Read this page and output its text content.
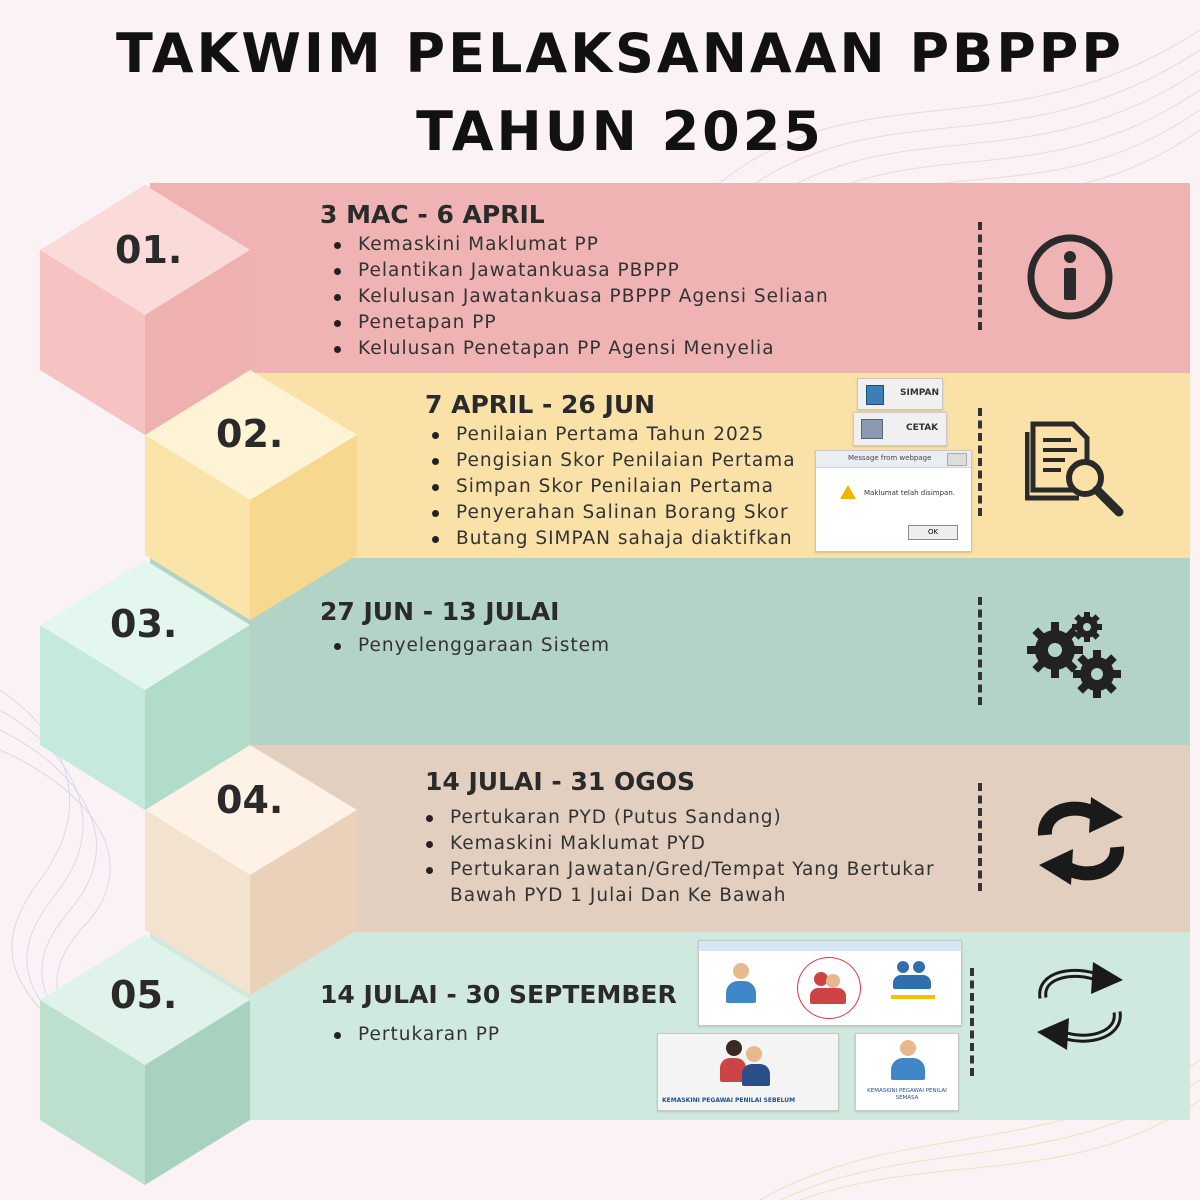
TAKWIM PELAKSANAAN PBPPP
TAHUN 2025
01.
02.
03.
04.
05.
3 MAC - 6 APRIL
Kemaskini Maklumat PP
Pelantikan Jawatankuasa PBPPP
Kelulusan Jawatankuasa PBPPP Agensi Seliaan
Penetapan PP
Kelulusan Penetapan PP Agensi Menyelia
7 APRIL - 26 JUN
Penilaian Pertama Tahun 2025
Pengisian Skor Penilaian Pertama
Simpan Skor Penilaian Pertama
Penyerahan Salinan Borang Skor
Butang SIMPAN sahaja diaktifkan
27 JUN - 13 JULAI
Penyelenggaraan Sistem
14 JULAI - 31 OGOS
Pertukaran PYD (Putus Sandang)
Kemaskini Maklumat PYD
Pertukaran Jawatan/Gred/Tempat Yang Bertukar
Bawah PYD 1 Julai Dan Ke Bawah
14 JULAI - 30 SEPTEMBER
Pertukaran PP
SIMPAN
CETAK
Message from webpage
Maklumat telah disimpan.
OK
KEMASKINI PEGAWAI PENILAI SEBELUM
KEMASKINI PEGAWAI PENILAI SEMASA
